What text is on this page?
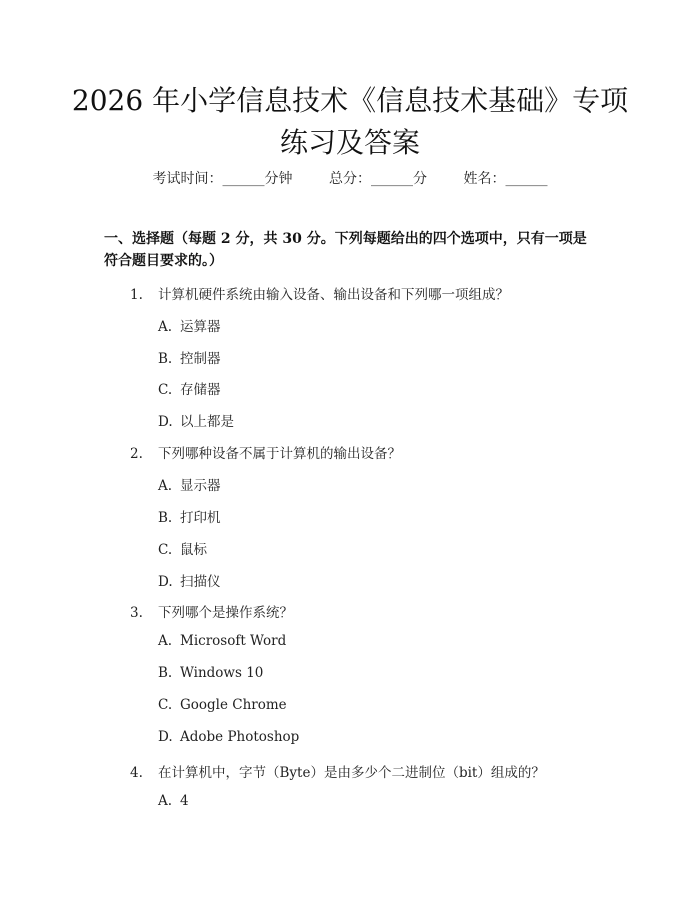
2026 年小学信息技术《信息技术基础》专项
练习及答案
考试时间：______分钟	总分：______分	姓名：______
一、选择题（每题 2 分，共 30 分。下列每题给出的四个选项中，只有一项是符合题目要求的。）
1. 计算机硬件系统由输入设备、输出设备和下列哪一项组成？
A. 运算器
B. 控制器
C. 存储器
D. 以上都是
2. 下列哪种设备不属于计算机的输出设备？
A. 显示器
B. 打印机
C. 鼠标
D. 扫描仪
3. 下列哪个是操作系统？
A. Microsoft Word
B. Windows 10
C. Google Chrome
D. Adobe Photoshop
4. 在计算机中，字节（Byte）是由多少个二进制位（bit）组成的？
A. 4
